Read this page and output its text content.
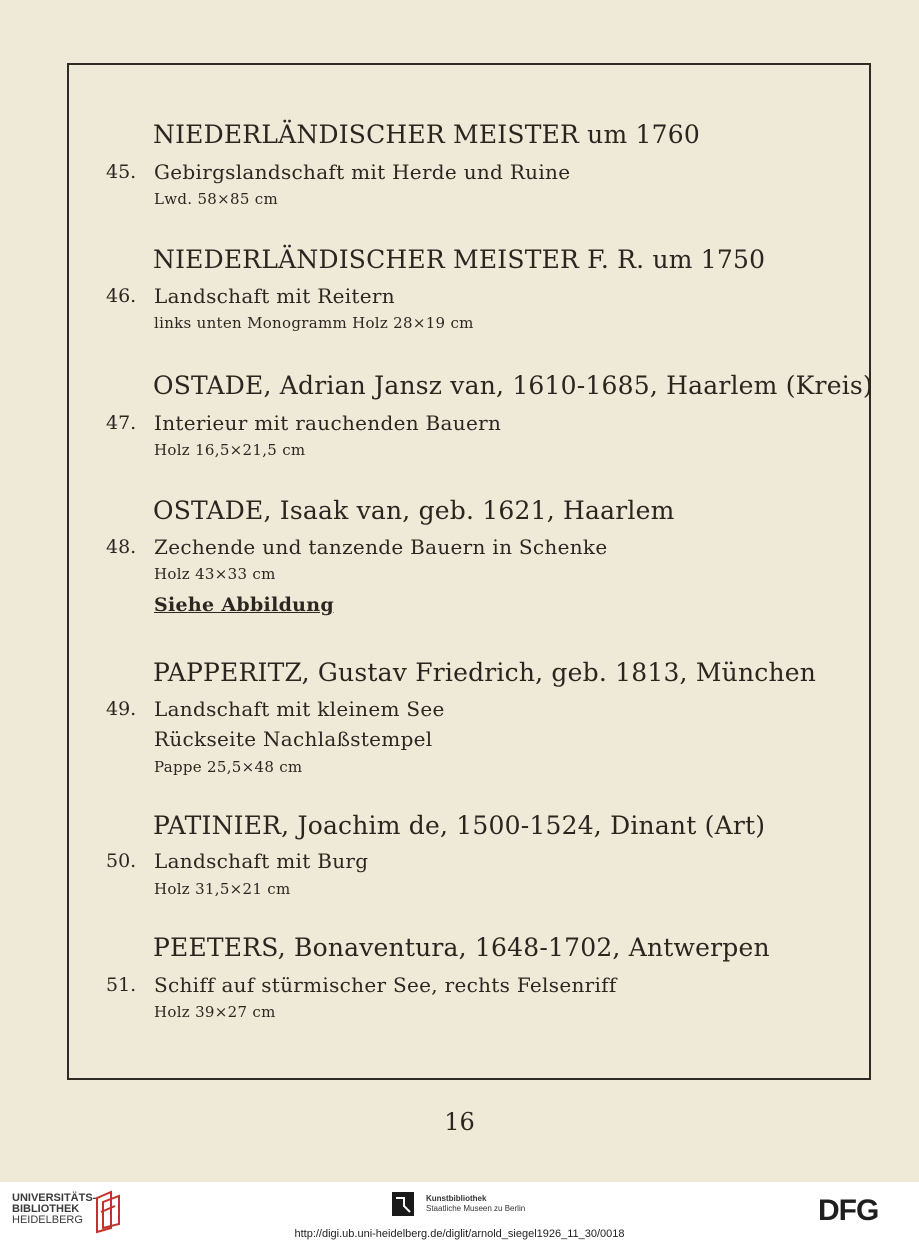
NIEDERLÄNDISCHER MEISTER um 1760
45. Gebirgslandschaft mit Herde und Ruine
Lwd. 58×85 cm
NIEDERLÄNDISCHER MEISTER F. R. um 1750
46. Landschaft mit Reitern
links unten Monogramm Holz 28×19 cm
OSTADE, Adrian Jansz van, 1610-1685, Haarlem (Kreis)
47. Interieur mit rauchenden Bauern
Holz 16,5×21,5 cm
OSTADE, Isaak van, geb. 1621, Haarlem
48. Zechende und tanzende Bauern in Schenke
Holz 43×33 cm
Siehe Abbildung
PAPPERITZ, Gustav Friedrich, geb. 1813, München
49. Landschaft mit kleinem See
Rückseite Nachlaßstempel
Pappe 25,5×48 cm
PATINIER, Joachim de, 1500-1524, Dinant (Art)
50. Landschaft mit Burg
Holz 31,5×21 cm
PEETERS, Bonaventura, 1648-1702, Antwerpen
51. Schiff auf stürmischer See, rechts Felsenriff
Holz 39×27 cm
16
UNIVERSITÄTS-
BIBLIOTHEK
HEIDELBERG
Kunstbibliothek
Staatliche Museen zu Berlin
http://digi.ub.uni-heidelberg.de/diglit/arnold_siegel1926_11_30/0018
DFG
